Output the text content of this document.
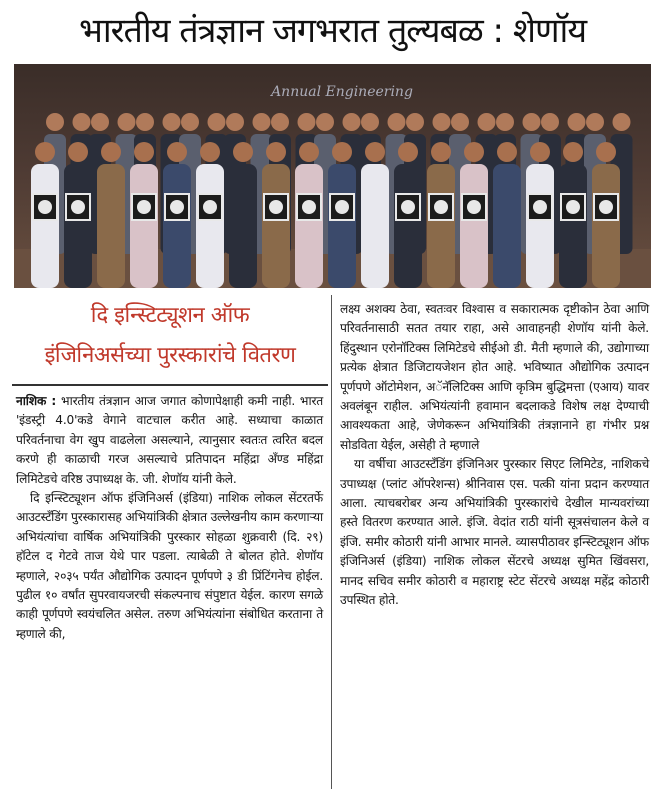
भारतीय तंत्रज्ञान जगभरात तुल्यबळ : शेणॉय
Annual Engineering
दि इन्स्टिट्यूशन ऑफ
इंजिनिअर्सच्या पुरस्कारांचे वितरण

नाशिक : भारतीय तंत्रज्ञान आज जगात कोणापेक्षाही कमी नाही. भारत 'इंडस्ट्री 4.0'कडे वेगाने वाटचाल करीत आहे. सध्याचा काळात परिवर्तनाचा वेग खुप वाढलेला असल्याने, त्यानुसार स्वतःत त्वरित बदल करणे ही काळाची गरज असल्याचे प्रतिपादन महिंद्रा अँण्ड महिंद्रा लिमिटेडचे वरिष्ठ उपाध्यक्ष के. जी. शेणॉय यांनी केले.

दि इन्स्टिट्यूशन ऑफ इंजिनिअर्स (इंडिया) नाशिक लोकल सेंटरतर्फे आउटस्टँडिंग पुरस्कारासह अभियांत्रिकी क्षेत्रात उल्लेखनीय काम करणाऱ्या अभियंत्यांचा वार्षिक अभियांत्रिकी पुरस्कार सोहळा शुक्रवारी (दि. २९) हॉटेल द गेटवे ताज येथे पार पडला. त्याबेळी ते बोलत होते. शेणॉय म्हणाले, २०३५ पर्यंत औद्योगिक उत्पादन पूर्णपणे ३ डी प्रिंटिंगनेच होईल. पुढील १० वर्षांत सुपरवायजरची संकल्पनाच संपुष्टात येईल. कारण सगळे काही पूर्णपणे स्वयंचलित असेल. तरुण अभियंत्यांना संबोधित करताना ते म्हणाले की,

लक्ष्य अशक्य ठेवा, स्वतःवर विश्वास व सकारात्मक दृष्टीकोन ठेवा आणि परिवर्तनासाठी सतत तयार राहा, असे आवाहनही शेणॉय यांनी केले. हिंदुस्थान एरोनॉटिक्स लिमिटेडचे सीईओ डी. मैती म्हणाले की, उद्योगाच्या प्रत्येक क्षेत्रात डिजिटायजेशन होत आहे. भविष्यात औद्योगिक उत्पादन पूर्णपणे ऑटोमेशन, अॅनॅलिटिक्स आणि कृत्रिम बुद्धिमत्ता (एआय) यावर अवलंबून राहील. अभियंत्यांनी हवामान बदलाकडे विशेष लक्ष देण्याची आवश्यकता आहे, जेणेकरून अभियांत्रिकी तंत्रज्ञानाने हा गंभीर प्रश्न सोडविता येईल, असेही ते म्हणाले

या वर्षीचा आउटस्टँडिंग इंजिनिअर पुरस्कार सिएट लिमिटेड, नाशिकचे उपाध्यक्ष (प्लांट ऑपरेशन्स) श्रीनिवास एस. पत्की यांना प्रदान करण्यात आला. त्याचबरोबर अन्य अभियांत्रिकी पुरस्कारांचे देखील मान्यवरांच्या हस्ते वितरण करण्यात आले. इंजि. वेदांत राठी यांनी सूत्रसंचालन केले व इंजि. समीर कोठारी यांनी आभार मानले. व्यासपीठावर इन्स्टिट्यूशन ऑफ इंजिनिअर्स (इंडिया) नाशिक लोकल सेंटरचे अध्यक्ष सुमित खिंवसरा, मानद सचिव समीर कोठारी व महाराष्ट्र स्टेट सेंटरचे अध्यक्ष महेंद्र कोठारी उपस्थित होते.
